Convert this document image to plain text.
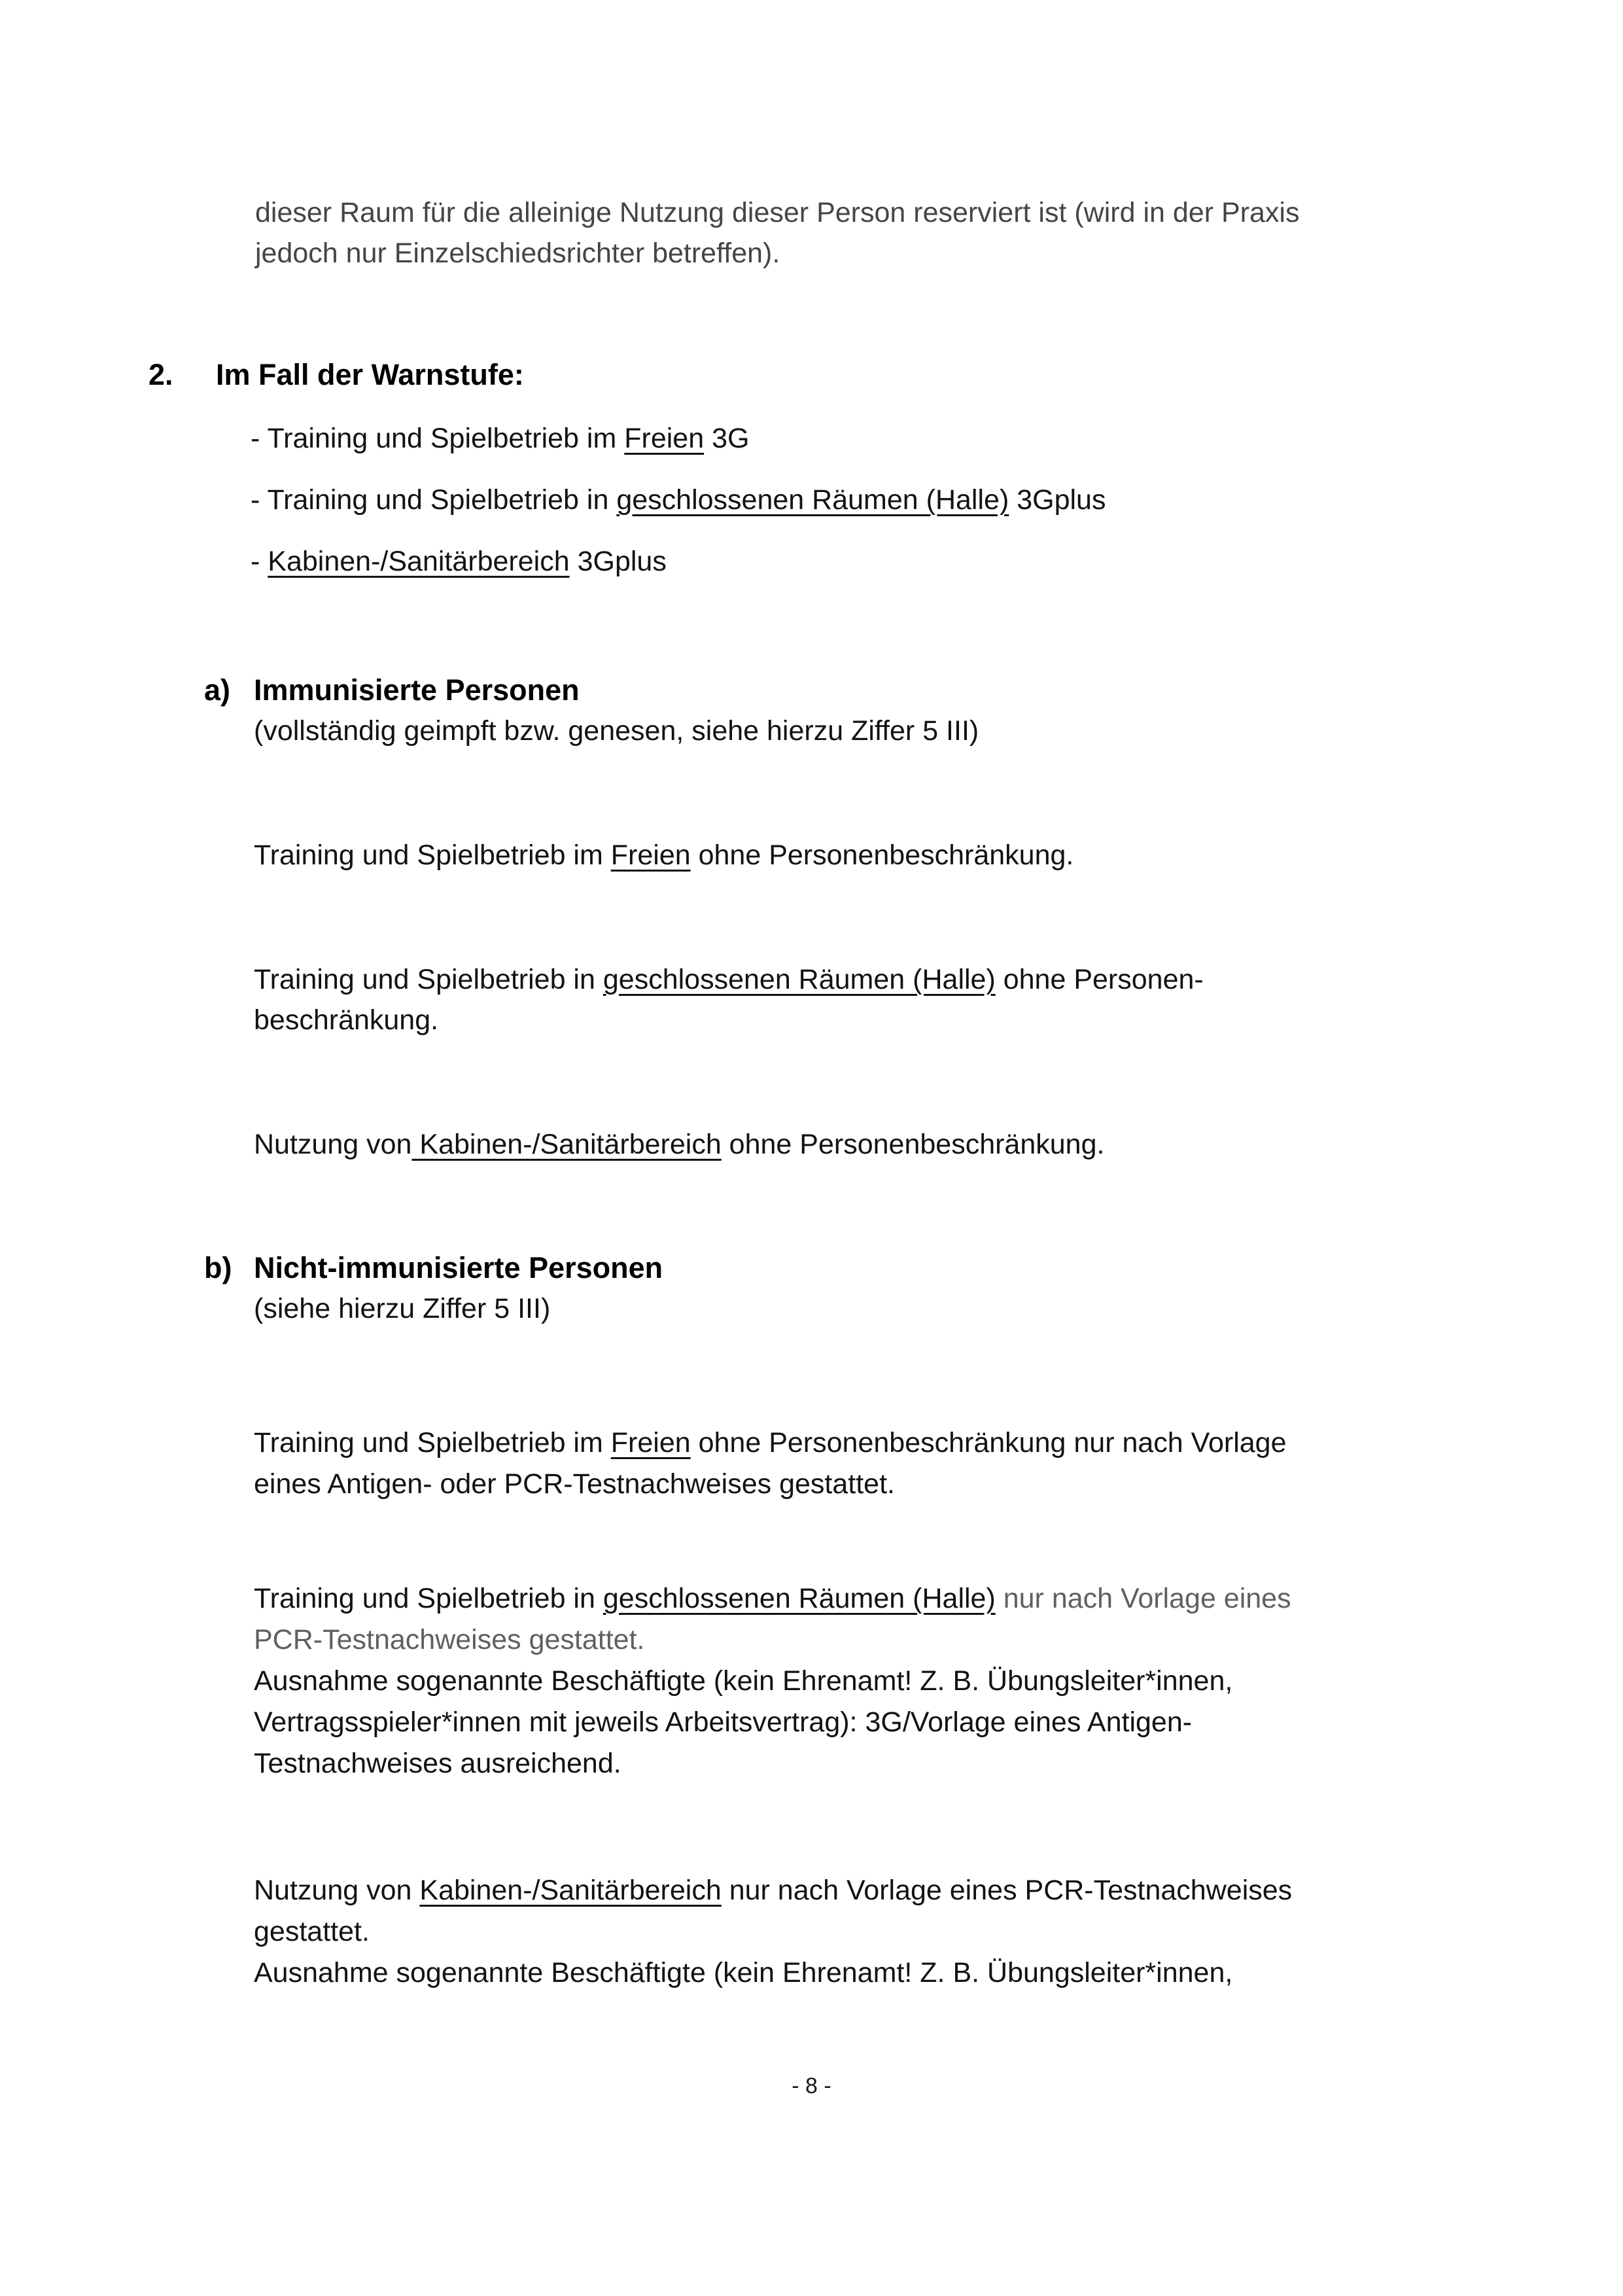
dieser Raum für die alleinige Nutzung dieser Person reserviert ist (wird in der Praxis
jedoch nur Einzelschiedsrichter betreffen).
2. Im Fall der Warnstufe:
- Training und Spielbetrieb im Freien 3G
- Training und Spielbetrieb in geschlossenen Räumen (Halle) 3Gplus
- Kabinen-/Sanitärbereich 3Gplus
a) Immunisierte Personen
(vollständig geimpft bzw. genesen, siehe hierzu Ziffer 5 III)
Training und Spielbetrieb im Freien ohne Personenbeschränkung.
Training und Spielbetrieb in geschlossenen Räumen (Halle) ohne Personen-
beschränkung.
Nutzung von Kabinen-/Sanitärbereich ohne Personenbeschränkung.
b) Nicht-immunisierte Personen
(siehe hierzu Ziffer 5 III)
Training und Spielbetrieb im Freien ohne Personenbeschränkung nur nach Vorlage
eines Antigen- oder PCR-Testnachweises gestattet.
Training und Spielbetrieb in geschlossenen Räumen (Halle) nur nach Vorlage eines
PCR-Testnachweises gestattet.
Ausnahme sogenannte Beschäftigte (kein Ehrenamt! Z. B. Übungsleiter*innen,
Vertragsspieler*innen mit jeweils Arbeitsvertrag): 3G/Vorlage eines Antigen-
Testnachweises ausreichend.
Nutzung von Kabinen-/Sanitärbereich nur nach Vorlage eines PCR-Testnachweises
gestattet.
Ausnahme sogenannte Beschäftigte (kein Ehrenamt! Z. B. Übungsleiter*innen,
- 8 -
